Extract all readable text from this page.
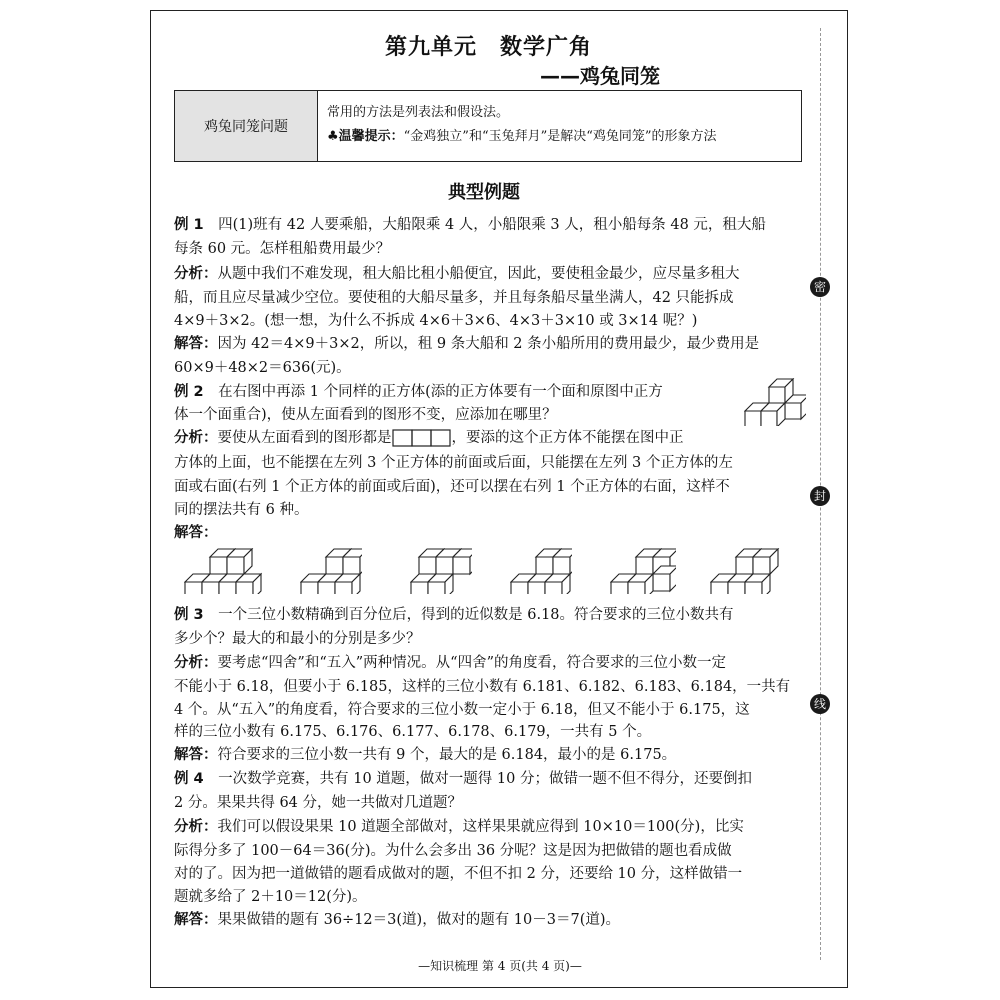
密
封
线
第九单元　数学广角
——鸡兔同笼
鸡兔同笼问题
常用的方法是列表法和假设法。
♣温馨提示：“金鸡独立”和“玉兔拜月”是解决“鸡兔同笼”的形象方法
典型例题
例 1　四(1)班有 42 人要乘船，大船限乘 4 人，小船限乘 3 人，租小船每条 48 元，租大船
每条 60 元。怎样租船费用最少？
分析：从题中我们不难发现，租大船比租小船便宜，因此，要使租金最少，应尽量多租大
船，而且应尽量减少空位。要使租的大船尽量多，并且每条船尽量坐满人，42 只能拆成
4×9＋3×2。(想一想，为什么不拆成 4×6＋3×6、4×3＋3×10 或 3×14 呢？)
解答：因为 42＝4×9＋3×2，所以，租 9 条大船和 2 条小船所用的费用最少，最少费用是
60×9＋48×2＝636(元)。
例 2　在右图中再添 1 个同样的正方体(添的正方体要有一个面和原图中正方
体一个面重合)，使从左面看到的图形不变，应添加在哪里？
分析：要使从左面看到的图形都是	，要添的这个正方体不能摆在图中正
方体的上面，也不能摆在左列 3 个正方体的前面或后面，只能摆在左列 3 个正方体的左
面或右面(右列 1 个正方体的前面或后面)，还可以摆在右列 1 个正方体的右面，这样不
同的摆法共有 6 种。
解答：
例 3　一个三位小数精确到百分位后，得到的近似数是 6.18。符合要求的三位小数共有
多少个？最大的和最小的分别是多少？
分析：要考虑“四舍”和“五入”两种情况。从“四舍”的角度看，符合要求的三位小数一定
不能小于 6.18，但要小于 6.185，这样的三位小数有 6.181、6.182、6.183、6.184，一共有
4 个。从“五入”的角度看，符合要求的三位小数一定小于 6.18，但又不能小于 6.175，这
样的三位小数有 6.175、6.176、6.177、6.178、6.179，一共有 5 个。
解答：符合要求的三位小数一共有 9 个，最大的是 6.184，最小的是 6.175。
例 4　一次数学竞赛，共有 10 道题，做对一题得 10 分；做错一题不但不得分，还要倒扣
2 分。果果共得 64 分，她一共做对几道题？
分析：我们可以假设果果 10 道题全部做对，这样果果就应得到 10×10＝100(分)，比实
际得分多了 100－64＝36(分)。为什么会多出 36 分呢？这是因为把做错的题也看成做
对的了。因为把一道做错的题看成做对的题，不但不扣 2 分，还要给 10 分，这样做错一
题就多给了 2＋10＝12(分)。
解答：果果做错的题有 36÷12＝3(道)，做对的题有 10－3＝7(道)。
—知识梳理 第 4 页(共 4 页)—
